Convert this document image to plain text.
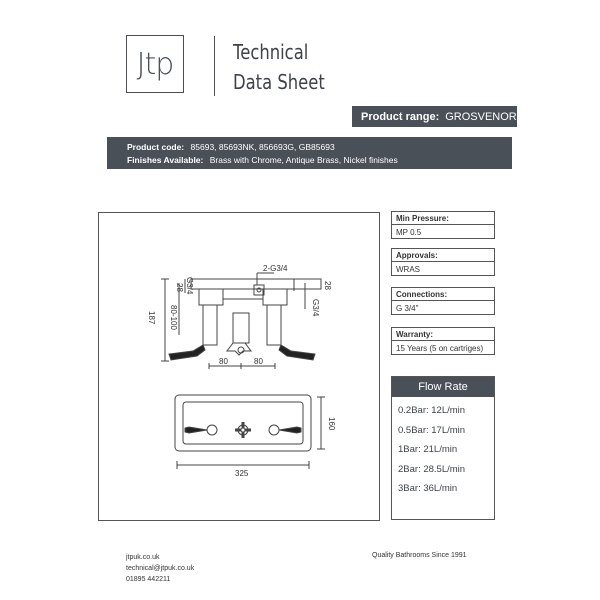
Jtp	Technical
Data Sheet
Product range: GROSVENOR
Product code: 85693, 85693NK, 856693G, GB85693
Finishes Available: Brass with Chrome, Antique Brass, Nickel finishes
G3/4
2-G3/4
28	28
G3/4
80-100
187
80	80
160
325
Min Pressure:
MP 0.5
Approvals:
WRAS
Connections:
G 3/4"
Warranty:
15 Years (5 on cartriges)
Flow Rate
0.2Bar: 12L/min
0.5Bar: 17L/min
1Bar: 21L/min
2Bar: 28.5L/min
3Bar: 36L/min
jtpuk.co.uk
technical@jtpuk.co.uk
01895 442211
Quality Bathrooms Since 1991
